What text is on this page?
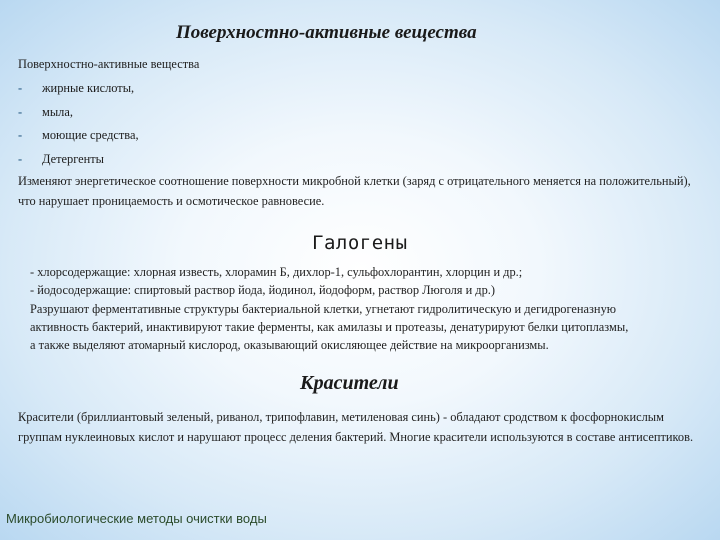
Поверхностно-активные вещества
Поверхностно-активные вещества
-	жирные кислоты,
-	мыла,
-	моющие средства,
-	Детергенты
Изменяют энергетическое соотношение поверхности микробной клетки (заряд с отрицательного меняется на положительный), что нарушает проницаемость и осмотическое равновесие.
Галогены
- хлорсодержащие: хлорная известь, хлорамин Б, дихлор-1, сульфохлорантин, хлорцин и др.;
- йодосодержащие: спиртовый раствор йода, йодинол, йодоформ, раствор Люголя и др.)
Разрушают ферментативные структуры бактериальной клетки, угнетают гидролитическую и дегидрогеназную
активность бактерий, инактивируют такие ферменты, как амилазы и протеазы, денатурируют белки цитоплазмы,
а также выделяют атомарный кислород, оказывающий окисляющее действие на микроорганизмы.
Красители
Красители (бриллиантовый зеленый, риванол, трипофлавин, метиленовая синь) - обладают сродством к фосфорнокислым группам нуклеиновых кислот и нарушают процесс деления бактерий. Многие красители используются в составе антисептиков.
Микробиологические методы очистки воды
